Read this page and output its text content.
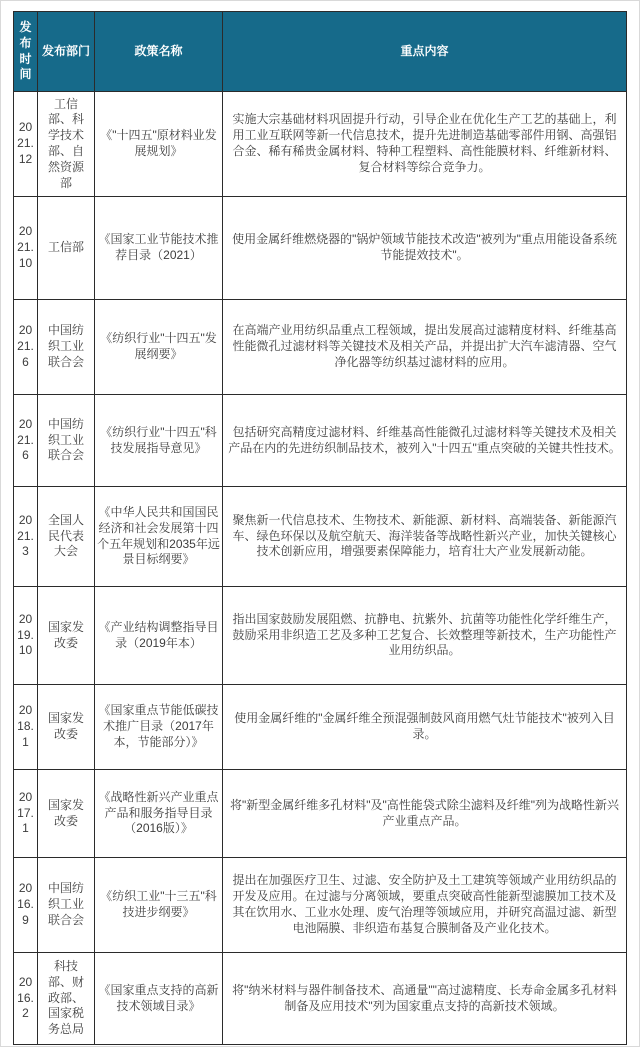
发布时间	发布部门	政策名称	重点内容
2021.12	工信部、科学技术部、自然资源部	《"十四五"原材料业发展规划》	实施大宗基础材料巩固提升行动，引导企业在优化生产工艺的基础上，利用工业互联网等新一代信息技术，提升先进制造基础零部件用钢、高强铝合金、稀有稀贵金属材料、特种工程塑料、高性能膜材料、纤维新材料、复合材料等综合竞争力。
2021.10	工信部	《国家工业节能技术推荐目录（2021）	使用金属纤维燃烧器的"锅炉领域节能技术改造"被列为"重点用能设备系统节能提效技术"。
2021.6	中国纺织工业联合会	《纺织行业"十四五"发展纲要》	在高端产业用纺织品重点工程领域，提出发展高过滤精度材料、纤维基高性能微孔过滤材料等关键技术及相关产品，并提出扩大汽车滤清器、空气净化器等纺织基过滤材料的应用。
2021.6	中国纺织工业联合会	《纺织行业"十四五"科技发展指导意见》	包括研究高精度过滤材料、纤维基高性能微孔过滤材料等关键技术及相关产品在内的先进纺织制品技术，被列入"十四五"重点突破的关键共性技术。
2021.3	全国人民代表大会	《中华人民共和国国民经济和社会发展第十四个五年规划和2035年远景目标纲要》	聚焦新一代信息技术、生物技术、新能源、新材料、高端装备、新能源汽车、绿色环保以及航空航天、海洋装备等战略性新兴产业，加快关键核心技术创新应用，增强要素保障能力，培育壮大产业发展新动能。
2019.10	国家发改委	《产业结构调整指导目录（2019年本）	指出国家鼓励发展阻燃、抗静电、抗紫外、抗菌等功能性化学纤维生产，鼓励采用非织造工艺及多种工艺复合、长效整理等新技术，生产功能性产业用纺织品。
2018.1	国家发改委	《国家重点节能低碳技术推广目录（2017年本，节能部分）》	使用金属纤维的"金属纤维全预混强制鼓风商用燃气灶节能技术"被列入目录。
2017.1	国家发改委	《战略性新兴产业重点产品和服务指导目录（2016版）》	将"新型金属纤维多孔材料"及"高性能袋式除尘滤料及纤维"列为战略性新兴产业重点产品。
2016.9	中国纺织工业联合会	《纺织工业"十三五"科技进步纲要》	提出在加强医疗卫生、过滤、安全防护及土工建筑等领域产业用纺织品的开发及应用。在过滤与分离领域，要重点突破高性能新型滤膜加工技术及其在饮用水、工业水处理、废气治理等领域应用，并研究高温过滤、新型电池隔膜、非织造布基复合膜制备及产业化技术。
2016.2	科技部、财政部、国家税务总局	《国家重点支持的高新技术领域目录》	将"纳米材料与器件制备技术、高通量""高过滤精度、长寿命金属多孔材料制备及应用技术"列为国家重点支持的高新技术领域。
